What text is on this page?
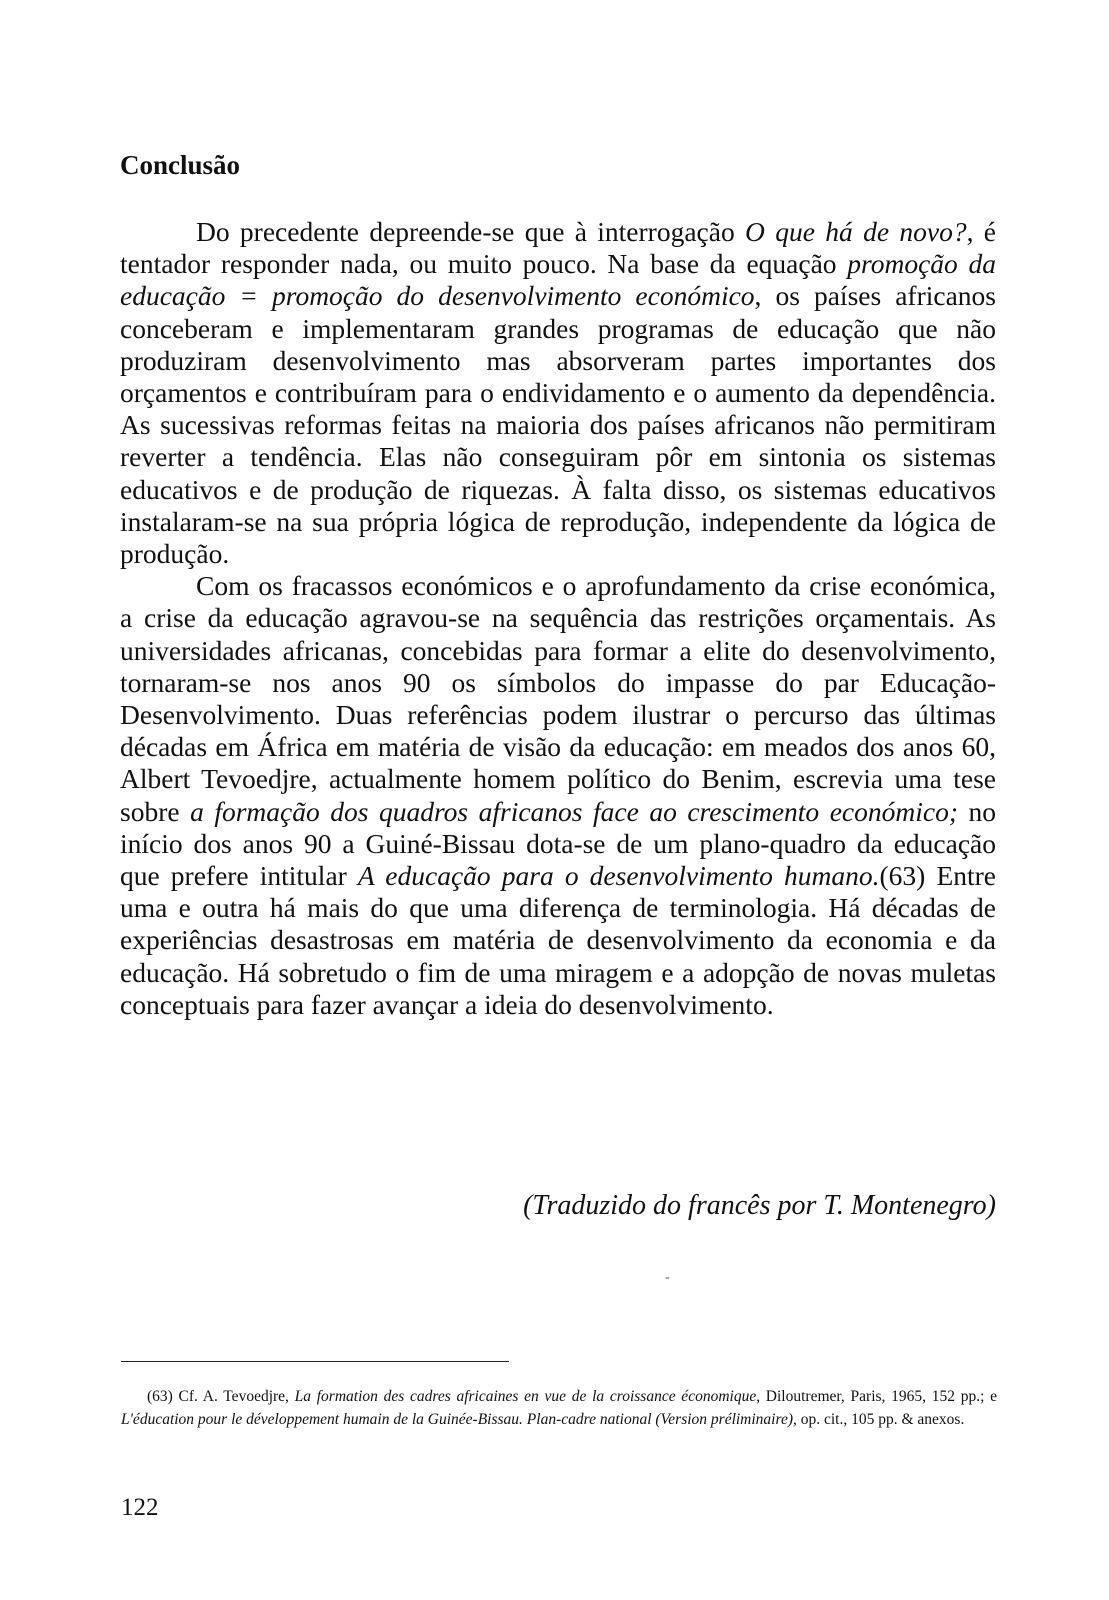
Conclusão

Do precedente depreende-se que à interrogação O que há de novo?, é tentador responder nada, ou muito pouco. Na base da equação promoção da educação = promoção do desenvolvimento económico, os países africanos conceberam e implementaram grandes programas de educação que não produziram desenvolvimento mas absorveram partes importantes dos orçamentos e contribuíram para o endividamento e o aumento da dependência. As sucessivas reformas feitas na maioria dos países africanos não permitiram reverter a tendência. Elas não conseguiram pôr em sintonia os sistemas educativos e de produção de riquezas. À falta disso, os sistemas educativos instalaram-se na sua própria lógica de reprodução, independente da lógica de produção.

Com os fracassos económicos e o aprofundamento da crise económica, a crise da educação agravou-se na sequência das restrições orçamentais. As universidades africanas, concebidas para formar a elite do desenvolvimento, tornaram-se nos anos 90 os símbolos do impasse do par Educação-Desenvolvimento. Duas referências podem ilustrar o percurso das últimas décadas em África em matéria de visão da educação: em meados dos anos 60, Albert Tevoedjre, actualmente homem político do Benim, escrevia uma tese sobre a formação dos quadros africanos face ao crescimento económico; no início dos anos 90 a Guiné-Bissau dota-se de um plano-quadro da educação que prefere intitular A educação para o desenvolvimento humano.(63) Entre uma e outra há mais do que uma diferença de terminologia. Há décadas de experiências desastrosas em matéria de desenvolvimento da economia e da educação. Há sobretudo o fim de uma miragem e a adopção de novas muletas conceptuais para fazer avançar a ideia do desenvolvimento.

(Traduzido do francês por T. Montenegro)
-
(63) Cf. A. Tevoedjre, La formation des cadres africaines en vue de la croissance économique, Diloutremer, Paris, 1965, 152 pp.; e L'éducation pour le développement humain de la Guinée-Bissau. Plan-cadre national (Version préliminaire), op. cit., 105 pp. & anexos.
122
